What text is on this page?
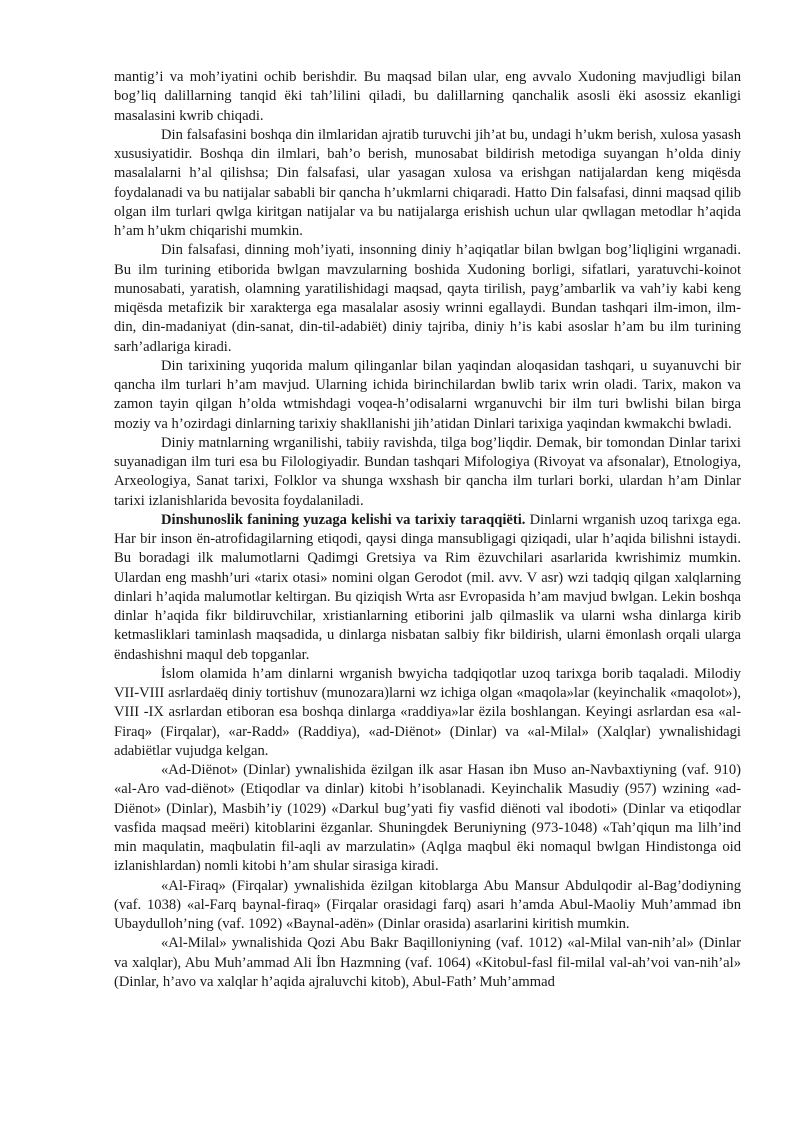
mantig’i va moh’iyatini ochib berishdir. Bu maqsad bilan ular, eng avvalo Xudoning mavjudligi bilan bog’liq dalillarning tanqid ёki tah’lilini qiladi, bu dalillarning qanchalik asosli ёki asossiz ekanligi masalasini kwrib chiqadi.

Din falsafasini boshqa din ilmlaridan ajratib turuvchi jih’at bu, undagi h’ukm berish, xulosa yasash xususiyatidir. Boshqa din ilmlari, bah’o berish, munosabat bildirish metodiga suyangan h’olda diniy masalalarni h’al qilishsa; Din falsafasi, ular yasagan xulosa va erishgan natijalardan keng miqёsda foydalanadi va bu natijalar sababli bir qancha h’ukmlarni chiqaradi. Hatto Din falsafasi, dinni maqsad qilib olgan ilm turlari qwlga kiritgan natijalar va bu natijalarga erishish uchun ular qwllagan metodlar h’aqida h’am h’ukm chiqarishi mumkin.

Din falsafasi, dinning moh’iyati, insonning diniy h’aqiqatlar bilan bwlgan bog’liqligini wrganadi. Bu ilm turining etiborida bwlgan mavzularning boshida Xudoning borligi, sifatlari, yaratuvchi-koinot munosabati, yaratish, olamning yaratilishidagi maqsad, qayta tirilish, payg’ambarlik va vah’iy kabi keng miqёsda metafizik bir xarakterga ega masalalar asosiy wrinni egallaydi. Bundan tashqari ilm-imon, ilm-din, din-madaniyat (din-sanat, din-til-adabiёt) diniy tajriba, diniy h’is kabi asoslar h’am bu ilm turining sarh’adlariga kiradi.

Din tarixining yuqorida malum qilinganlar bilan yaqindan aloqasidan tashqari, u suyanuvchi bir qancha ilm turlari h’am mavjud. Ularning ichida birinchilardan bwlib tarix wrin oladi. Tarix, makon va zamon tayin qilgan h’olda wtmishdagi voqea-h’odisalarni wrganuvchi bir ilm turi bwlishi bilan birga moziy va h’ozirdagi dinlarning tarixiy shakllanishi jih’atidan Dinlari tarixiga yaqindan kwmakchi bwladi.

Diniy matnlarning wrganilishi, tabiiy ravishda, tilga bog’liqdir. Demak, bir tomondan Dinlar tarixi suyanadigan ilm turi esa bu Filologiyadir. Bundan tashqari Mifologiya (Rivoyat va afsonalar), Etnologiya, Arxeologiya, Sanat tarixi, Folklor va shunga wxshash bir qancha ilm turlari borki, ulardan h’am Dinlar tarixi izlanishlarida bevosita foydalaniladi.

Dinshunoslik fanining yuzaga kelishi va tarixiy taraqqiёti. Dinlarni wrganish uzoq tarixga ega. Har bir inson ёn-atrofidagilarning etiqodi, qaysi dinga mansubligagi qiziqadi, ular h’aqida bilishni istaydi. Bu boradagi ilk malumotlarni Qadimgi Gretsiya va Rim ёzuvchilari asarlarida kwrishimiz mumkin. Ulardan eng mashh’uri «tarix otasi» nomini olgan Gerodot (mil. avv. V asr) wzi tadqiq qilgan xalqlarning dinlari h’aqida malumotlar keltirgan. Bu qiziqish Wrta asr Evropasida h’am mavjud bwlgan. Lekin boshqa dinlar h’aqida fikr bildiruvchilar, xristianlarning etiborini jalb qilmaslik va ularni wsha dinlarga kirib ketmasliklari taminlash maqsadida, u dinlarga nisbatan salbiy fikr bildirish, ularni ёmonlash orqali ularga ёndashishni maqul deb topganlar.

İslom olamida h’am dinlarni wrganish bwyicha tadqiqotlar uzoq tarixga borib taqaladi. Milodiy VII-VIII asrlardaёq diniy tortishuv (munozara)larni wz ichiga olgan «maqola»lar (keyinchalik «maqolot»), VIII -IX asrlardan etiboran esa boshqa dinlarga «raddiya»lar ёzila boshlangan. Keyingi asrlardan esa «al-Firaq» (Firqalar), «ar-Radd» (Raddiya), «ad-Diёnot» (Dinlar) va «al-Milal» (Xalqlar) ywnalishidagi adabiёtlar vujudga kelgan.

«Ad-Diёnot» (Dinlar) ywnalishida ёzilgan ilk asar Hasan ibn Muso an-Navbaxtiyning (vaf. 910) «al-Aro vad-diёnot» (Etiqodlar va dinlar) kitobi h’isoblanadi. Keyinchalik Masudiy (957) wzining «ad-Diёnot» (Dinlar), Masbih’iy (1029) «Darkul bug’yati fiy vasfid diёnoti val ibodoti» (Dinlar va etiqodlar vasfida maqsad meёri) kitoblarini ёzganlar. Shuningdek Beruniyning (973-1048) «Tah’qiqun ma lilh’ind min maqulatin, maqbulatin fil-aqli av marzulatin» (Aqlga maqbul ёki nomaqul bwlgan Hindistonga oid izlanishlardan) nomli kitobi h’am shular sirasiga kiradi.

«Al-Firaq» (Firqalar) ywnalishida ёzilgan kitoblarga Abu Mansur Abdulqodir al-Bag’dodiyning (vaf. 1038) «al-Farq baynal-firaq» (Firqalar orasidagi farq) asari h’amda Abul-Maoliy Muh’ammad ibn Ubaydulloh’ning (vaf. 1092) «Baynal-adёn» (Dinlar orasida) asarlarini kiritish mumkin.

«Al-Milal» ywnalishida Qozi Abu Bakr Baqilloniyning (vaf. 1012) «al-Milal van-nih’al» (Dinlar va xalqlar), Abu Muh’ammad Ali İbn Hazmning (vaf. 1064) «Kitobul-fasl fil-milal val-ah’voi van-nih’al» (Dinlar, h’avo va xalqlar h’aqida ajraluvchi kitob), Abul-Fath’ Muh’ammad
